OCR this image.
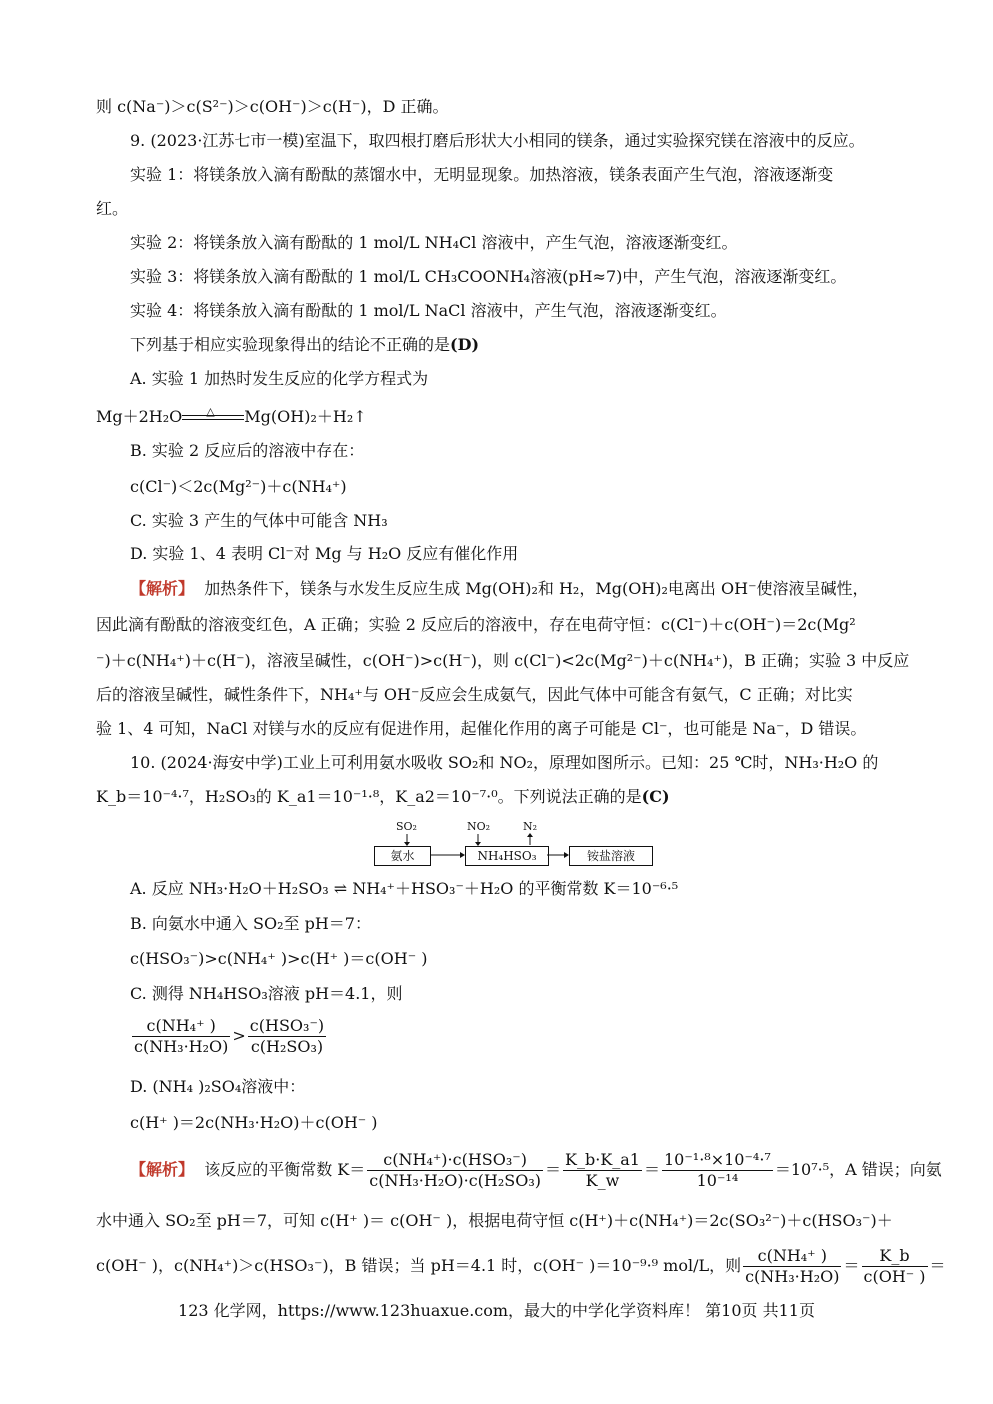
则 c(Na⁻)＞c(S²⁻)＞c(OH⁻)＞c(H⁻)，D 正确。
9. (2023·江苏七市一模)室温下，取四根打磨后形状大小相同的镁条，通过实验探究镁在溶液中的反应。
实验 1：将镁条放入滴有酚酞的蒸馏水中，无明显现象。加热溶液，镁条表面产生气泡，溶液逐渐变
红。
实验 2：将镁条放入滴有酚酞的 1 mol/L NH₄Cl 溶液中，产生气泡，溶液逐渐变红。
实验 3：将镁条放入滴有酚酞的 1 mol/L CH₃COONH₄溶液(pH≈7)中，产生气泡，溶液逐渐变红。
实验 4：将镁条放入滴有酚酞的 1 mol/L NaCl 溶液中，产生气泡，溶液逐渐变红。
下列基于相应实验现象得出的结论不正确的是(D)
A. 实验 1 加热时发生反应的化学方程式为
Mg＋2H₂O △ Mg(OH)₂＋H₂↑
B. 实验 2 反应后的溶液中存在：
c(Cl⁻)＜2c(Mg²⁻)＋c(NH₄⁺)
C. 实验 3 产生的气体中可能含 NH₃
D. 实验 1、4 表明 Cl⁻对 Mg 与 H₂O 反应有催化作用
【解析】 加热条件下，镁条与水发生反应生成 Mg(OH)₂和 H₂，Mg(OH)₂电离出 OH⁻使溶液呈碱性，
因此滴有酚酞的溶液变红色，A 正确；实验 2 反应后的溶液中，存在电荷守恒：c(Cl⁻)＋c(OH⁻)＝2c(Mg²
⁻)＋c(NH₄⁺)＋c(H⁻)，溶液呈碱性，c(OH⁻)>c(H⁻)，则 c(Cl⁻)<2c(Mg²⁻)＋c(NH₄⁺)，B 正确；实验 3 中反应
后的溶液呈碱性，碱性条件下，NH₄⁺与 OH⁻反应会生成氨气，因此气体中可能含有氨气，C 正确；对比实
验 1、4 可知，NaCl 对镁与水的反应有促进作用，起催化作用的离子可能是 Cl⁻，也可能是 Na⁻，D 错误。
10. (2024·海安中学)工业上可利用氨水吸收 SO₂和 NO₂，原理如图所示。已知：25 ℃时，NH₃·H₂O 的
K_b＝10⁻⁴·⁷，H₂SO₃的 K_a1＝10⁻¹·⁸，K_a2＝10⁻⁷·⁰。下列说法正确的是(C)
SO₂	NO₂	N₂
氨水	NH₄HSO₃	铵盐溶液
A. 反应 NH₃·H₂O＋H₂SO₃ ⇌ NH₄⁺＋HSO₃⁻＋H₂O 的平衡常数 K＝10⁻⁶·⁵
B. 向氨水中通入 SO₂至 pH＝7：
c(HSO₃⁻)>c(NH₄⁺ )>c(H⁺ )＝c(OH⁻ )
C. 测得 NH₄HSO₃溶液 pH＝4.1，则
$\frac{\text{c(NH₄⁺ )}}{\text{c(NH₃·H₂O)}} > \frac{\text{c(HSO₃⁻)}}{\text{c(H₂SO₃)}}$
D. (NH₄ )₂SO₄溶液中：
c(H⁺ )＝2c(NH₃·H₂O)＋c(OH⁻ )
【解析】 该反应的平衡常数 $K= \frac{\text{c(NH₄⁺)·c(HSO₃⁻)}}{\text{c(NH₃·H₂O)·c(H₂SO₃)}} = \frac{K\_b\cdot K\_a1}{K\_w} = \frac{\text{10⁻¹·⁸×10⁻⁴·⁷}}{\text{10⁻¹⁴}} =10^7\cdot^5$，A 错误；向氨
水中通入 SO₂至 pH＝7，可知 c(H⁺ )＝ c(OH⁻ )，根据电荷守恒 c(H⁺)＋c(NH₄⁺)＝2c(SO₃²⁻)＋c(HSO₃⁻)＋
c(OH⁻ )，c(NH₄⁺)＞c(HSO₃⁻)，B 错误；当 pH＝4.1 时，c(OH⁻ )＝10⁻⁹·⁹ mol/L，则 $\frac{\text{c(NH₄⁺ )}}{\text{c(NH₃·H₂O)}} = \frac{K\_b}{c(OH^- )}$ ＝
123 化学网，https://www.123huaxue.com，最大的中学化学资料库！ 第10页 共11页
